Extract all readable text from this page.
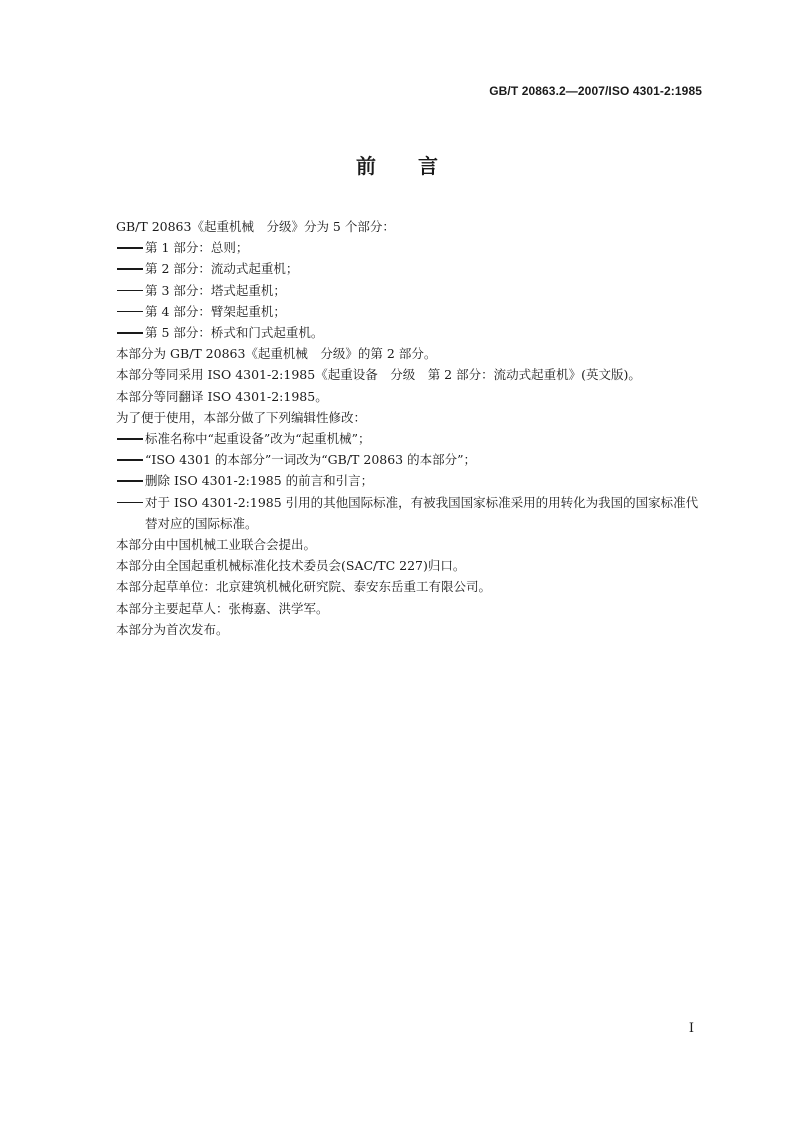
GB/T 20863.2—2007/ISO 4301-2:1985
前言
GB/T 20863《起重机械　分级》分为 5 个部分：
第 1 部分：总则；
第 2 部分：流动式起重机；
第 3 部分：塔式起重机；
第 4 部分：臂架起重机；
第 5 部分：桥式和门式起重机。
本部分为 GB/T 20863《起重机械　分级》的第 2 部分。
本部分等同采用 ISO 4301-2:1985《起重设备　分级　第 2 部分：流动式起重机》(英文版)。
本部分等同翻译 ISO 4301-2:1985。
为了便于使用，本部分做了下列编辑性修改：
标准名称中“起重设备”改为“起重机械”；
“ISO 4301 的本部分”一词改为“GB/T 20863 的本部分”；
删除 ISO 4301-2:1985 的前言和引言；
对于 ISO 4301-2:1985 引用的其他国际标准，有被我国国家标准采用的用转化为我国的国家标准代替对应的国际标准。
本部分由中国机械工业联合会提出。
本部分由全国起重机械标准化技术委员会(SAC/TC 227)归口。
本部分起草单位：北京建筑机械化研究院、泰安东岳重工有限公司。
本部分主要起草人：张梅嘉、洪学军。
本部分为首次发布。
I
